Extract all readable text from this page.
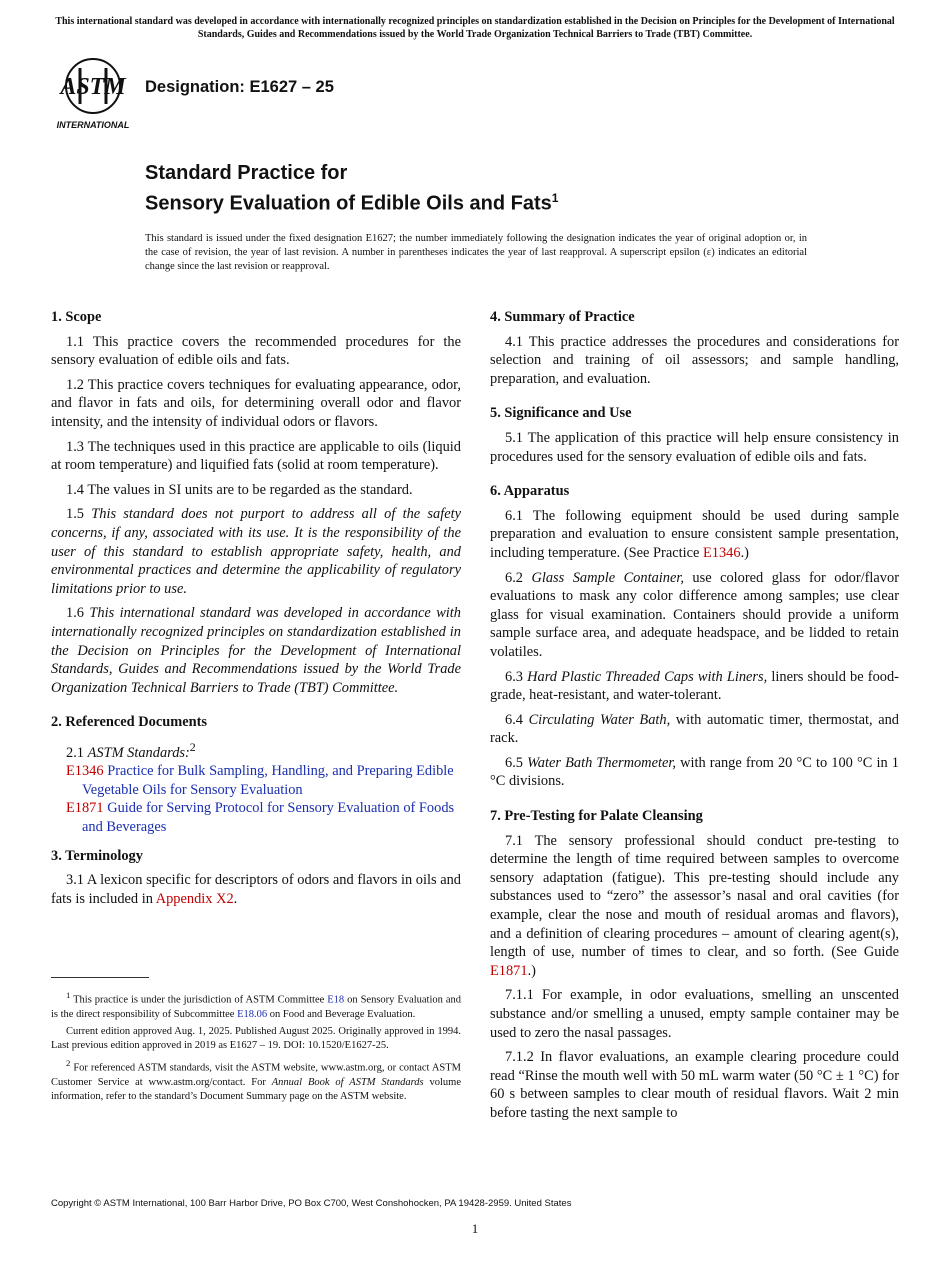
This international standard was developed in accordance with internationally recognized principles on standardization established in the Decision on Principles for the Development of International Standards, Guides and Recommendations issued by the World Trade Organization Technical Barriers to Trade (TBT) Committee.
ASTM
INTERNATIONAL
Designation: E1627 – 25
Standard Practice for
Sensory Evaluation of Edible Oils and Fats$^1$
This standard is issued under the fixed designation E1627; the number immediately following the designation indicates the year of original adoption or, in the case of revision, the year of last revision. A number in parentheses indicates the year of last reapproval. A superscript epsilon (ε) indicates an editorial change since the last revision or reapproval.
1. Scope

1.1 This practice covers the recommended procedures for the sensory evaluation of edible oils and fats.

1.2 This practice covers techniques for evaluating appearance, odor, and flavor in fats and oils, for determining overall odor and flavor intensity, and the intensity of individual odors or flavors.

1.3 The techniques used in this practice are applicable to oils (liquid at room temperature) and liquified fats (solid at room temperature).

1.4 The values in SI units are to be regarded as the standard.

1.5 This standard does not purport to address all of the safety concerns, if any, associated with its use. It is the responsibility of the user of this standard to establish appropriate safety, health, and environmental practices and determine the applicability of regulatory limitations prior to use.

1.6 This international standard was developed in accordance with internationally recognized principles on standardization established in the Decision on Principles for the Development of International Standards, Guides and Recommendations issued by the World Trade Organization Technical Barriers to Trade (TBT) Committee.

2. Referenced Documents

2.1 ASTM Standards:$^2$

E1346 Practice for Bulk Sampling, Handling, and Preparing Edible Vegetable Oils for Sensory Evaluation

E1871 Guide for Serving Protocol for Sensory Evaluation of Foods and Beverages

3. Terminology

3.1 A lexicon specific for descriptors of odors and flavors in oils and fats is included in Appendix X2.

$^1$ This practice is under the jurisdiction of ASTM Committee E18 on Sensory Evaluation and is the direct responsibility of Subcommittee E18.06 on Food and Beverage Evaluation.

Current edition approved Aug. 1, 2025. Published August 2025. Originally approved in 1994. Last previous edition approved in 2019 as E1627 – 19. DOI: 10.1520/E1627-25.

$^2$ For referenced ASTM standards, visit the ASTM website, www.astm.org, or contact ASTM Customer Service at www.astm.org/contact. For Annual Book of ASTM Standards volume information, refer to the standard’s Document Summary page on the ASTM website.

4. Summary of Practice

4.1 This practice addresses the procedures and considerations for selection and training of oil assessors; and sample handling, preparation, and evaluation.

5. Significance and Use

5.1 The application of this practice will help ensure consistency in procedures used for the sensory evaluation of edible oils and fats.

6. Apparatus

6.1 The following equipment should be used during sample preparation and evaluation to ensure consistent sample presentation, including temperature. (See Practice E1346.)

6.2 Glass Sample Container, use colored glass for odor/flavor evaluations to mask any color difference among samples; use clear glass for visual examination. Containers should provide a uniform sample surface area, and adequate headspace, and be lidded to retain volatiles.

6.3 Hard Plastic Threaded Caps with Liners, liners should be food-grade, heat-resistant, and water-tolerant.

6.4 Circulating Water Bath, with automatic timer, thermostat, and rack.

6.5 Water Bath Thermometer, with range from 20 °C to 100 °C in 1 °C divisions.

7. Pre-Testing for Palate Cleansing

7.1 The sensory professional should conduct pre-testing to determine the length of time required between samples to overcome sensory adaptation (fatigue). This pre-testing should include any substances used to “zero” the assessor’s nasal and oral cavities (for example, clear the nose and mouth of residual aromas and flavors), and a definition of clearing procedures – amount of clearing agent(s), length of use, number of times to clear, and so forth. (See Guide E1871.)

7.1.1 For example, in odor evaluations, smelling an unscented substance and/or smelling a unused, empty sample container may be used to zero the nasal passages.

7.1.2 In flavor evaluations, an example clearing procedure could read “Rinse the mouth well with 50 mL warm water (50 °C ± 1 °C) for 60 s between samples to clear mouth of residual flavors. Wait 2 min before tasting the next sample to

Copyright © ASTM International, 100 Barr Harbor Drive, PO Box C700, West Conshohocken, PA 19428-2959. United States
1
